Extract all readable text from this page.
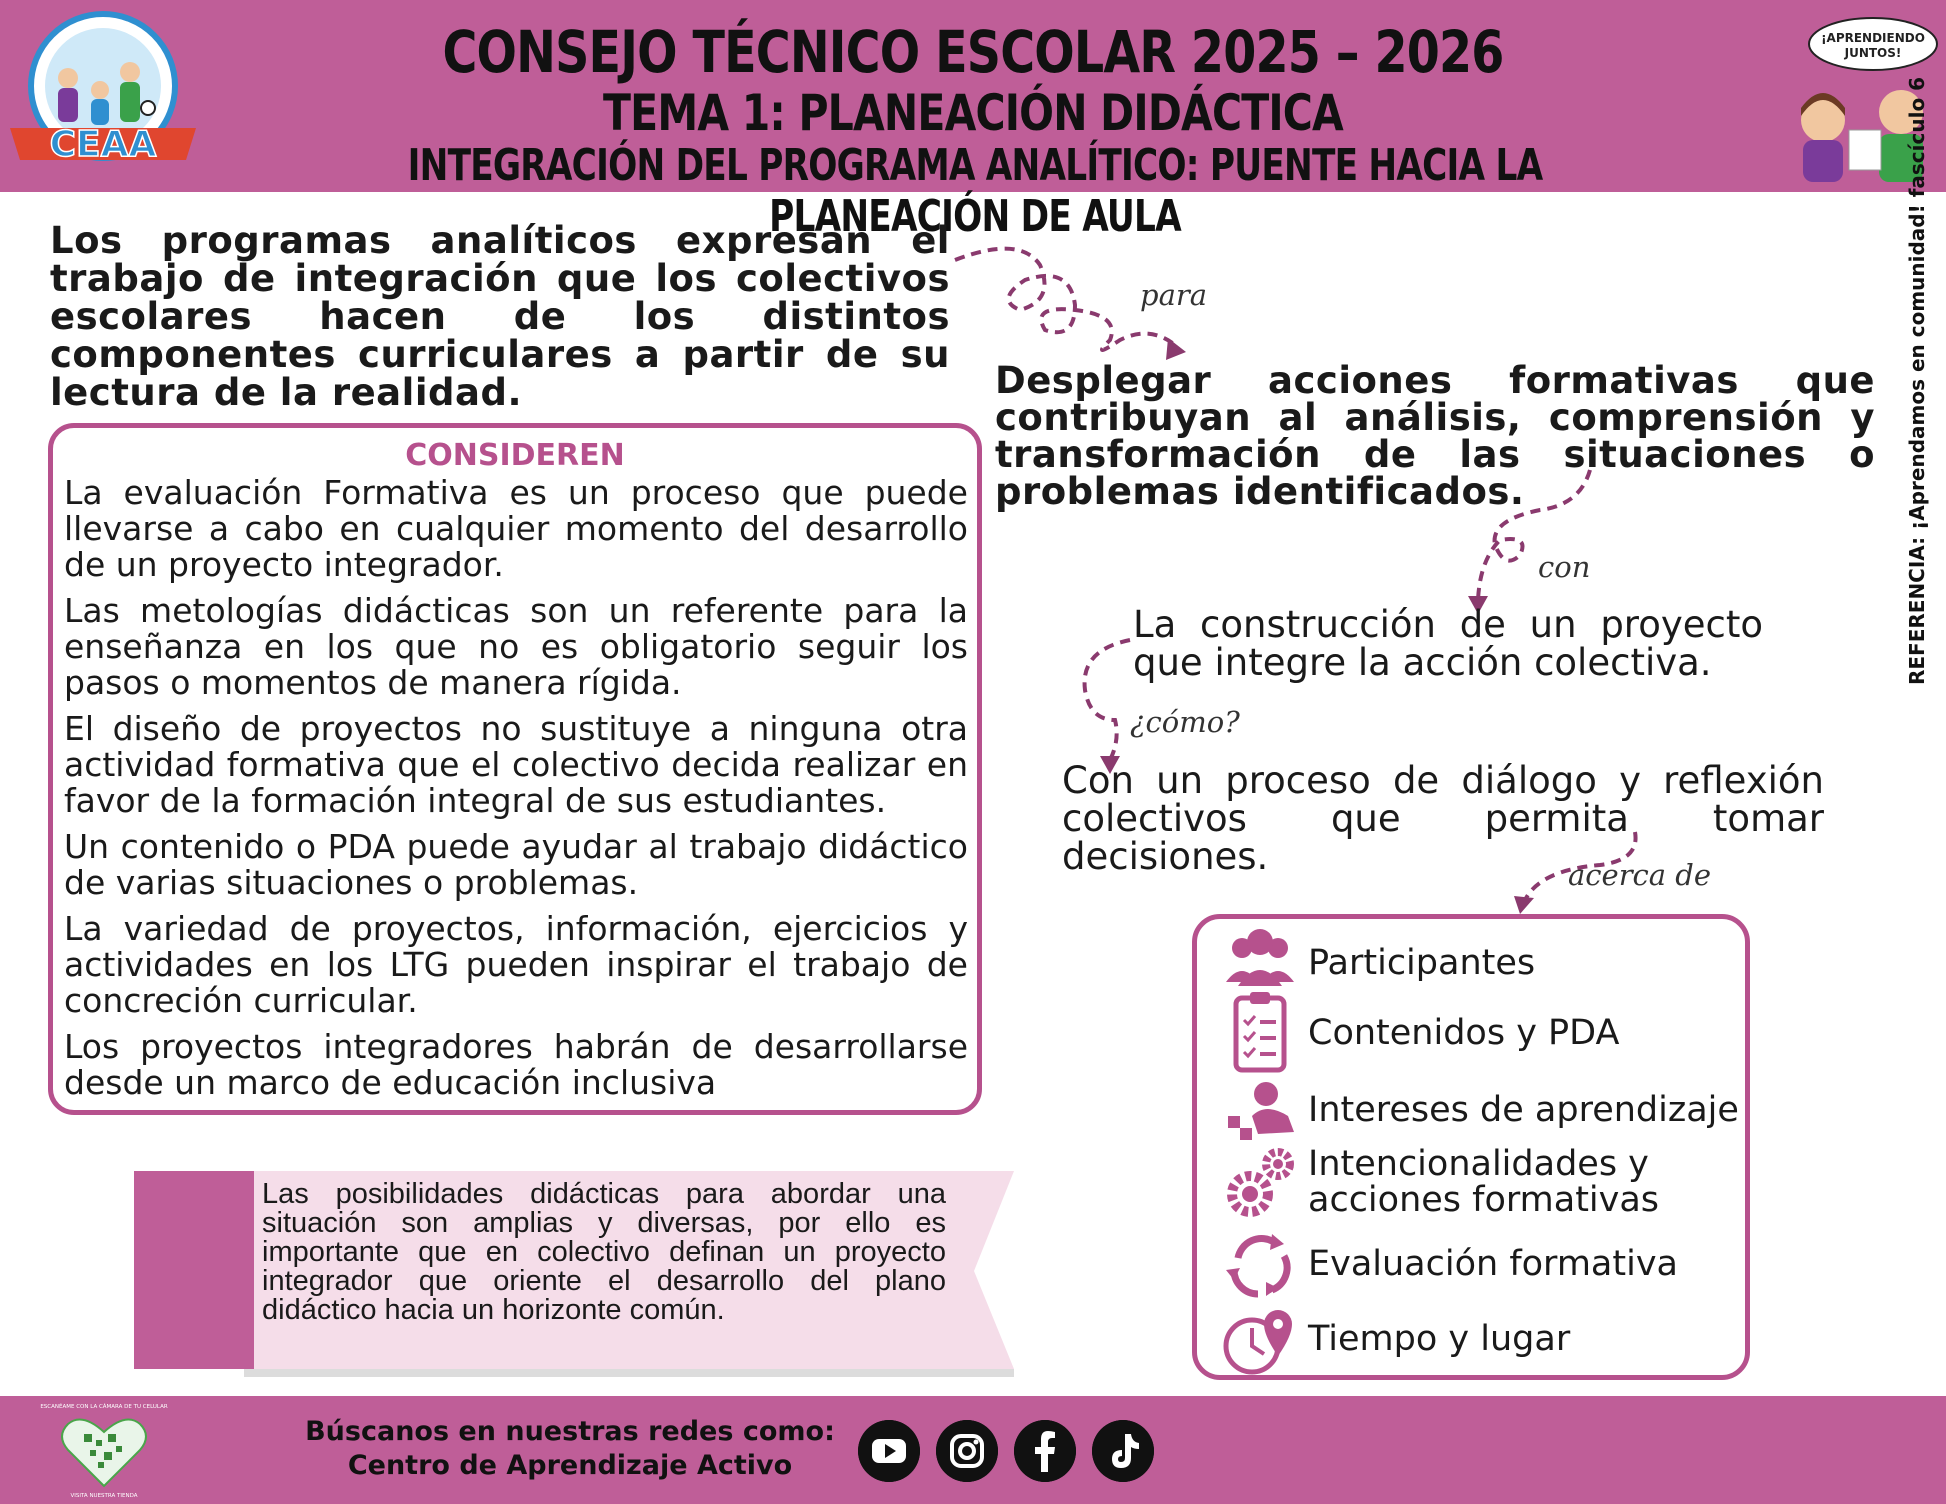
CEAA
CONSEJO TÉCNICO ESCOLAR 2025 – 2026
TEMA 1: PLANEACIÓN DIDÁCTICA
INTEGRACIÓN DEL PROGRAMA ANALÍTICO: PUENTE HACIA LA PLANEACIÓN DE AULA
¡APRENDIENDO
JUNTOS!
Los programas analíticos expresan el trabajo de integración que los colectivos escolares hacen de los distintos componentes curriculares a partir de su lectura de la realidad.
CONSIDEREN

La evaluación Formativa es un proceso que puede llevarse a cabo en cualquier momento del desarrollo de un proyecto integrador.

Las metologías didácticas son un referente para la enseñanza en los que no es obligatorio seguir los pasos o momentos de manera rígida.

El diseño de proyectos no sustituye a ninguna otra actividad formativa que el colectivo decida realizar en favor de la formación integral de sus estudiantes.

Un contenido o PDA puede ayudar al trabajo didáctico de varias situaciones o problemas.

La variedad de proyectos, información, ejercicios y actividades en los LTG pueden inspirar el trabajo de concreción curricular.

Los proyectos integradores habrán de desarrollarse desde un marco de educación inclusiva

Las posibilidades didácticas para abordar una situación son amplias y diversas, por ello es importante que en colectivo definan un proyecto integrador que oriente el desarrollo del plano didáctico hacia un horizonte común.
para
Desplegar acciones formativas que contribuyan al análisis, comprensión y transformación de las situaciones o problemas identificados.
con
La construcción de un proyecto que integre la acción colectiva.
¿cómo?
Con un proceso de diálogo y reflexión colectivos que permita tomar decisiones.	acerca de
Participantes
Contenidos y PDA
Intereses de aprendizaje
Intencionalidades y acciones formativas
Evaluación formativa
Tiempo y lugar
REFERENCIA: ¡Aprendamos en comunidad! fascículo 6
ESCANÉAME CON LA CÁMARA DE TU CELULAR
VISITA NUESTRA TIENDA
Búscanos en nuestras redes como:
Centro de Aprendizaje Activo
